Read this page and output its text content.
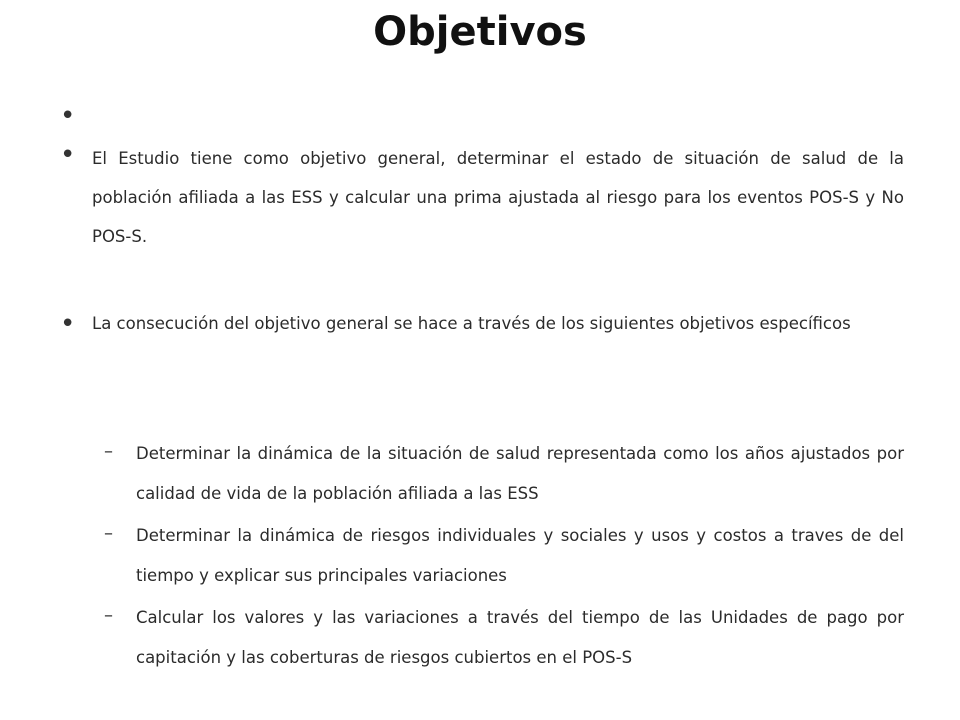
Objetivos
•

• El Estudio tiene como objetivo general, determinar el estado de situación de salud de la población afiliada a las ESS y calcular una prima ajustada al riesgo para los eventos POS-S y No POS-S.

• La consecución del objetivo general se hace a través de los siguientes objetivos específicos

– Determinar la dinámica de la situación de salud representada como los años ajustados por calidad de vida de la población afiliada a las ESS

– Determinar la dinámica de riesgos individuales y sociales y usos y costos a traves de del tiempo y explicar sus principales variaciones

– Calcular los valores y las variaciones a través del tiempo de las Unidades de pago por capitación y las coberturas de riesgos cubiertos en el POS-S
